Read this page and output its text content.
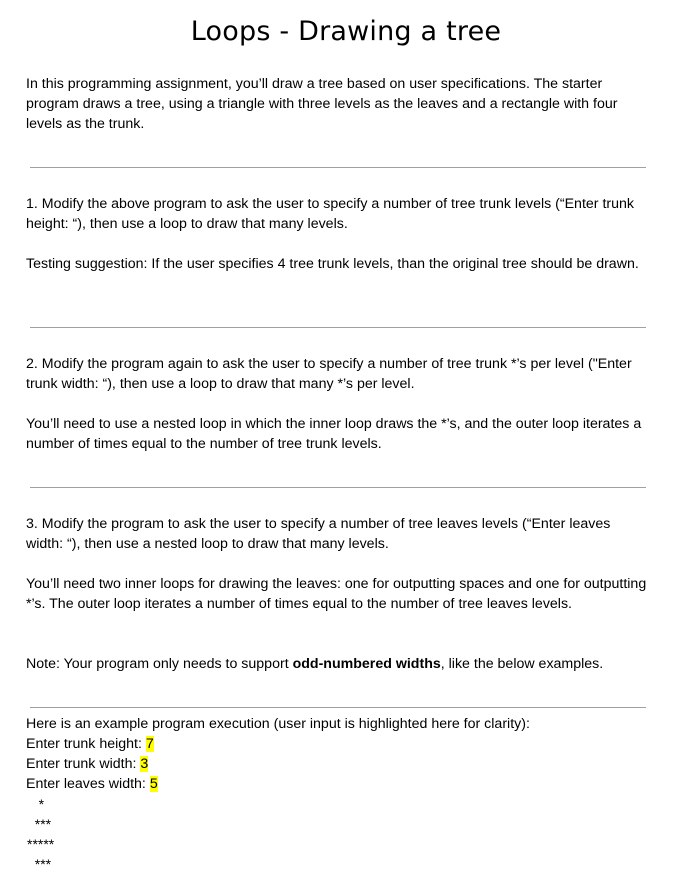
Loops - Drawing a tree

In this programming assignment, you’ll draw a tree based on user specifications. The starter program draws a tree, using a triangle with three levels as the leaves and a rectangle with four levels as the trunk.

1. Modify the above program to ask the user to specify a number of tree trunk levels (“Enter trunk height: “), then use a loop to draw that many levels.

Testing suggestion: If the user specifies 4 tree trunk levels, than the original tree should be drawn.

2. Modify the program again to ask the user to specify a number of tree trunk *’s per level ("Enter trunk width: “), then use a loop to draw that many *’s per level.

You’ll need to use a nested loop in which the inner loop draws the *’s, and the outer loop iterates a number of times equal to the number of tree trunk levels.

3. Modify the program to ask the user to specify a number of tree leaves levels (“Enter leaves width: “), then use a nested loop to draw that many levels.

You’ll need two inner loops for drawing the leaves: one for outputting spaces and one for outputting *’s. The outer loop iterates a number of times equal to the number of tree leaves levels.

Note: Your program only needs to support odd-numbered widths, like the below examples.

Here is an example program execution (user input is highlighted here for clarity):
Enter trunk height: 7
Enter trunk width: 3
Enter leaves width: 5
*
***
*****
***
